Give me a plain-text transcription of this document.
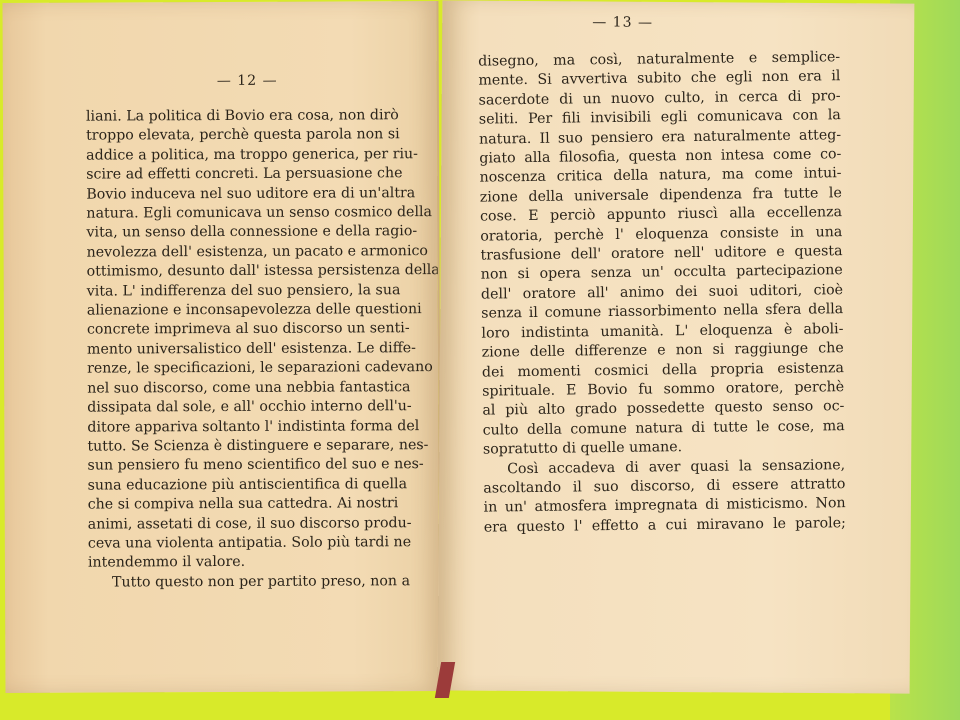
— 12 —
liani. La politica di Bovio era cosa, non dirò
troppo elevata, perchè questa parola non si
addice a politica, ma troppo generica, per riu-
scire ad effetti concreti. La persuasione che
Bovio induceva nel suo uditore era di un'altra
natura. Egli comunicava un senso cosmico della
vita, un senso della connessione e della ragio-
nevolezza dell' esistenza, un pacato e armonico
ottimismo, desunto dall' istessa persistenza della
vita. L' indifferenza del suo pensiero, la sua
alienazione e inconsapevolezza delle questioni
concrete imprimeva al suo discorso un senti-
mento universalistico dell' esistenza. Le diffe-
renze, le specificazioni, le separazioni cadevano
nel suo discorso, come una nebbia fantastica
dissipata dal sole, e all' occhio interno dell'u-
ditore appariva soltanto l' indistinta forma del
tutto. Se Scienza è distinguere e separare, nes-
sun pensiero fu meno scientifico del suo e nes-
suna educazione più antiscientifica di quella
che si compiva nella sua cattedra. Ai nostri
animi, assetati di cose, il suo discorso produ-
ceva una violenta antipatia. Solo più tardi ne
intendemmo il valore.
Tutto questo non per partito preso, non a
— 13 —
disegno, ma così, naturalmente e semplice-
mente. Si avvertiva subito che egli non era il
sacerdote di un nuovo culto, in cerca di pro-
seliti. Per fili invisibili egli comunicava con la
natura. Il suo pensiero era naturalmente atteg-
giato alla filosofia, questa non intesa come co-
noscenza critica della natura, ma come intui-
zione della universale dipendenza fra tutte le
cose. E perciò appunto riuscì alla eccellenza
oratoria, perchè l' eloquenza consiste in una
trasfusione dell' oratore nell' uditore e questa
non si opera senza un' occulta partecipazione
dell' oratore all' animo dei suoi uditori, cioè
senza il comune riassorbimento nella sfera della
loro indistinta umanità. L' eloquenza è aboli-
zione delle differenze e non si raggiunge che
dei momenti cosmici della propria esistenza
spirituale. E Bovio fu sommo oratore, perchè
al più alto grado possedette questo senso oc-
culto della comune natura di tutte le cose, ma
sopratutto di quelle umane.
Così accadeva di aver quasi la sensazione,
ascoltando il suo discorso, di essere attratto
in un' atmosfera impregnata di misticismo. Non
era questo l' effetto a cui miravano le parole;
